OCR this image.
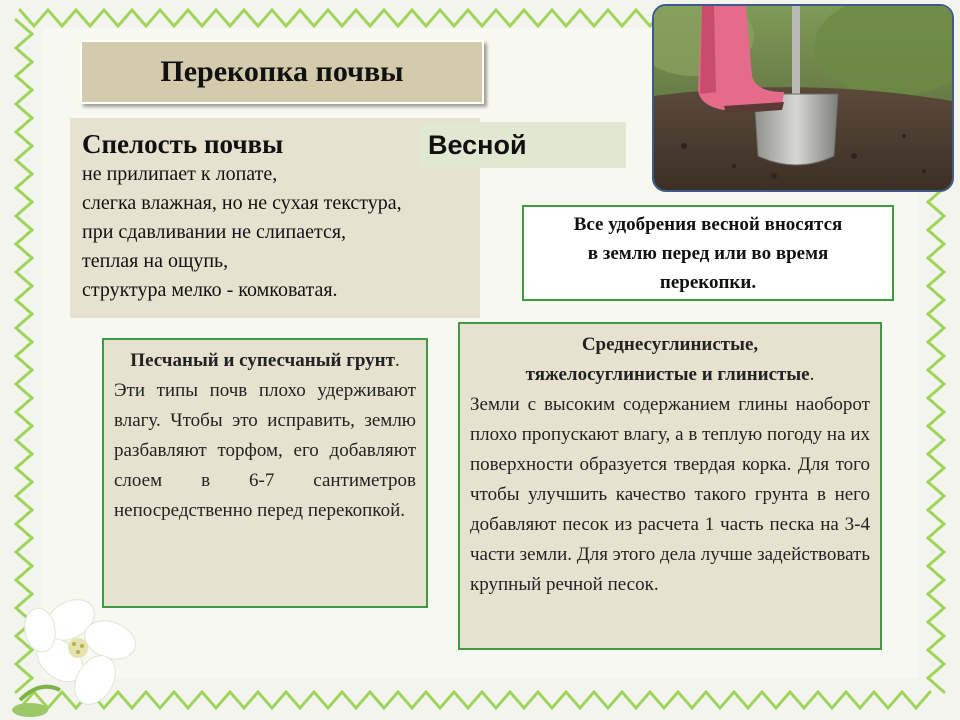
Перекопка почвы
Спелость почвы
не прилипает к лопате,
слегка влажная, но не сухая текстура,
при сдавливании не слипается,
теплая на ощупь,
структура мелко - комковатая.
Весной
Все удобрения весной вносятся
в землю перед или во время
перекопки.
Песчаный и супесчаный грунт.
Эти типы почв плохо удерживают влагу. Чтобы это исправить, землю разбавляют торфом, его добавляют слоем в 6-7 сантиметров непосредственно перед перекопкой.
Среднесуглинистые,
тяжелосуглинистые и глинистые.
Земли с высоким содержанием глины наоборот плохо пропускают влагу, а в теплую погоду на их поверхности образуется твердая корка. Для того чтобы улучшить качество такого грунта в него добавляют песок из расчета 1 часть песка на 3-4 части земли. Для этого дела лучше задействовать крупный речной песок.
